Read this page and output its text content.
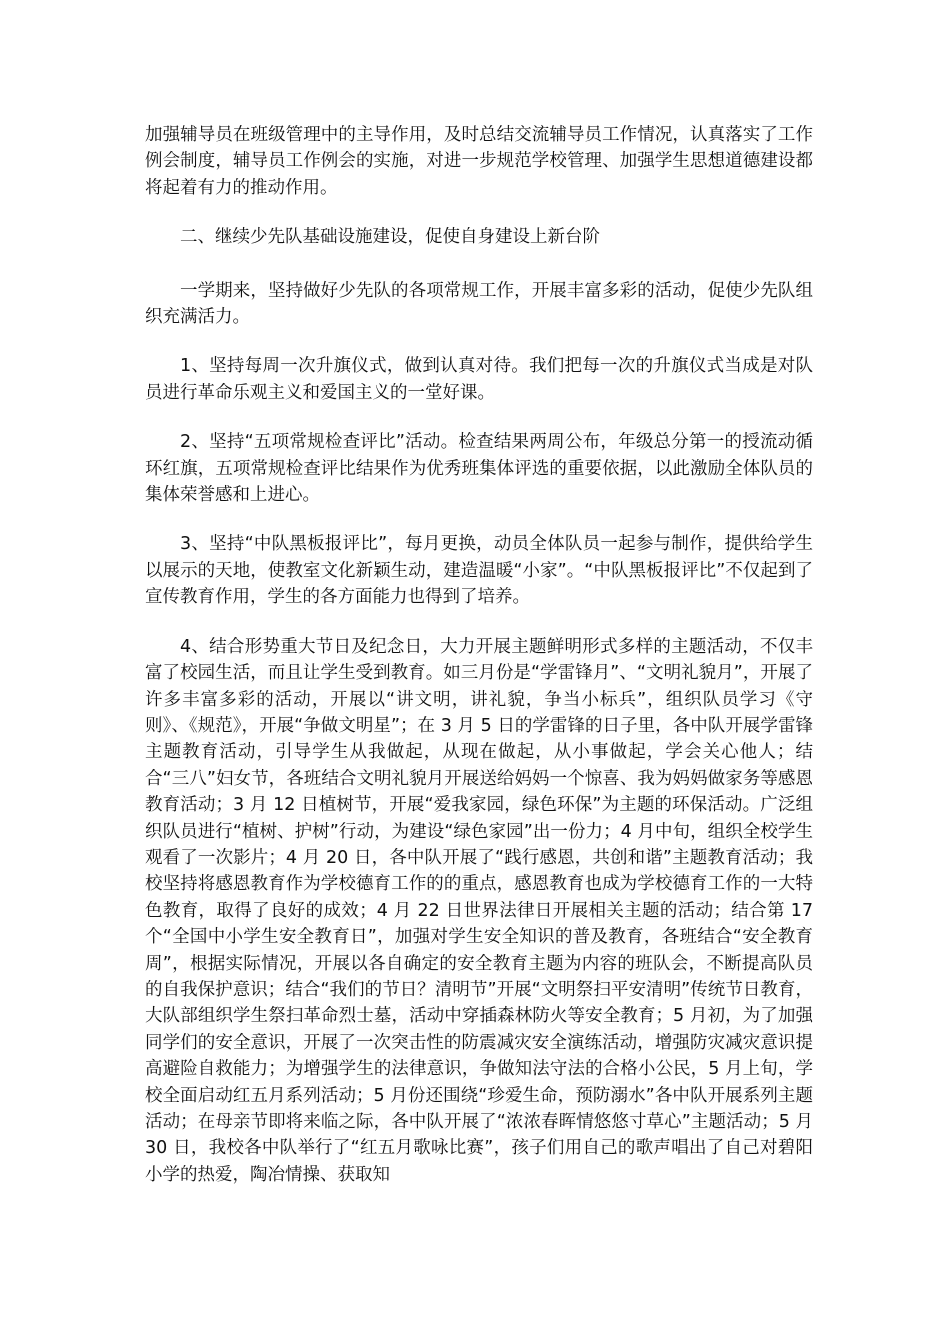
加强辅导员在班级管理中的主导作用，及时总结交流辅导员工作情况，认真落实了工作例会制度，辅导员工作例会的实施，对进一步规范学校管理、加强学生思想道德建设都将起着有力的推动作用。

二、继续少先队基础设施建设，促使自身建设上新台阶

一学期来，坚持做好少先队的各项常规工作，开展丰富多彩的活动，促使少先队组织充满活力。

1、坚持每周一次升旗仪式，做到认真对待。我们把每一次的升旗仪式当成是对队员进行革命乐观主义和爱国主义的一堂好课。

2、坚持“五项常规检查评比”活动。检查结果两周公布，年级总分第一的授流动循环红旗，五项常规检查评比结果作为优秀班集体评选的重要依据，以此激励全体队员的集体荣誉感和上进心。

3、坚持“中队黑板报评比”，每月更换，动员全体队员一起参与制作，提供给学生以展示的天地，使教室文化新颖生动，建造温暖“小家”。“中队黑板报评比”不仅起到了宣传教育作用，学生的各方面能力也得到了培养。

4、结合形势重大节日及纪念日，大力开展主题鲜明形式多样的主题活动，不仅丰富了校园生活，而且让学生受到教育。如三月份是“学雷锋月”、“文明礼貌月”，开展了许多丰富多彩的活动，开展以“讲文明，讲礼貌，争当小标兵”，组织队员学习《守则》、《规范》，开展“争做文明星”；在 3 月 5 日的学雷锋的日子里，各中队开展学雷锋主题教育活动，引导学生从我做起，从现在做起，从小事做起，学会关心他人；结合“三八”妇女节，各班结合文明礼貌月开展送给妈妈一个惊喜、我为妈妈做家务等感恩教育活动；3 月 12 日植树节，开展“爱我家园，绿色环保”为主题的环保活动。广泛组织队员进行“植树、护树”行动，为建设“绿色家园”出一份力；4 月中旬，组织全校学生观看了一次影片；4 月 20 日，各中队开展了“践行感恩，共创和谐”主题教育活动；我校坚持将感恩教育作为学校德育工作的的重点，感恩教育也成为学校德育工作的一大特色教育，取得了良好的成效；4 月 22 日世界法律日开展相关主题的活动；结合第 17 个“全国中小学生安全教育日”，加强对学生安全知识的普及教育，各班结合“安全教育周”，根据实际情况，开展以各自确定的安全教育主题为内容的班队会，不断提高队员的自我保护意识；结合“我们的节日？清明节”开展“文明祭扫平安清明”传统节日教育，大队部组织学生祭扫革命烈士墓，活动中穿插森林防火等安全教育；5 月初，为了加强同学们的安全意识，开展了一次突击性的防震减灾安全演练活动，增强防灾减灾意识提高避险自救能力；为增强学生的法律意识，争做知法守法的合格小公民，5 月上旬，学校全面启动红五月系列活动；5 月份还围绕“珍爱生命，预防溺水”各中队开展系列主题活动；在母亲节即将来临之际，各中队开展了“浓浓春晖情悠悠寸草心”主题活动；5 月 30 日，我校各中队举行了“红五月歌咏比赛”，孩子们用自己的歌声唱出了自己对碧阳小学的热爱，陶冶情操、获取知
